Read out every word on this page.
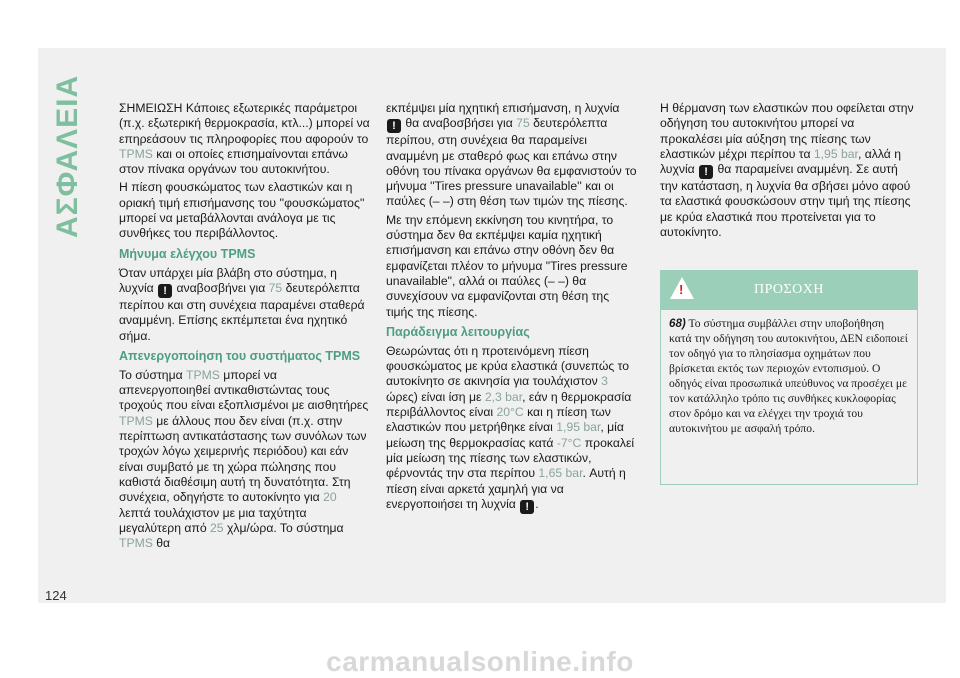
ΑΣΦΑΛΕΙΑ	ΣΗΜΕΙΩΣΗ Κάποιες εξωτερικές παράμετροι (π.χ. εξωτερική θερμοκρασία, κτλ...) μπορεί να επηρεάσουν τις πληροφορίες που αφορούν το TPMS και οι οποίες επισημαίνονται επάνω στον πίνακα οργάνων του αυτοκινήτου.

Η πίεση φουσκώματος των ελαστικών και η οριακή τιμή επισήμανσης του ''φουσκώματος'' μπορεί να μεταβάλλονται ανάλογα με τις συνθήκες του περιβάλλοντος.

Μήνυμα ελέγχου TPMS

Όταν υπάρχει μία βλάβη στο σύστημα, η λυχνία ! αναβοσβήνει για 75 δευτερόλεπτα περίπου και στη συνέχεια παραμένει σταθερά αναμμένη. Επίσης εκπέμπεται ένα ηχητικό σήμα.

Απενεργοποίηση του συστήματος TPMS

Το σύστημα TPMS μπορεί να απενεργοποιηθεί αντικαθιστώντας τους τροχούς που είναι εξοπλισμένοι με αισθητήρες TPMS με άλλους που δεν είναι (π.χ. στην περίπτωση αντικατάστασης των συνόλων των τροχών λόγω χειμερινής περιόδου) και εάν είναι συμβατό με τη χώρα πώλησης που καθιστά διαθέσιμη αυτή τη δυνατότητα. Στη συνέχεια, οδηγήστε το αυτοκίνητο για 20 λεπτά τουλάχιστον με μια ταχύτητα μεγαλύτερη από 25 χλμ/ώρα. Το σύστημα TPMS θα

εκπέμψει μία ηχητική επισήμανση, η λυχνία ! θα αναβοσβήσει για 75 δευτερόλεπτα περίπου, στη συνέχεια θα παραμείνει αναμμένη με σταθερό φως και επάνω στην οθόνη του πίνακα οργάνων θα εμφανιστούν το μήνυμα ''Tires pressure unavailable'' και οι παύλες (– –) στη θέση των τιμών της πίεσης.

Με την επόμενη εκκίνηση του κινητήρα, το σύστημα δεν θα εκπέμψει καμία ηχητική επισήμανση και επάνω στην οθόνη δεν θα εμφανίζεται πλέον το μήνυμα "Tires pressure unavailable", αλλά οι παύλες (– –) θα συνεχίσουν να εμφανίζονται στη θέση της τιμής της πίεσης.

Παράδειγμα λειτουργίας

Θεωρώντας ότι η προτεινόμενη πίεση φουσκώματος με κρύα ελαστικά (συνεπώς το αυτοκίνητο σε ακινησία για τουλάχιστον 3 ώρες) είναι ίση με 2,3 bar, εάν η θερμοκρασία περιβάλλοντος είναι 20°C και η πίεση των ελαστικών που μετρήθηκε είναι 1,95 bar, μία μείωση της θερμοκρασίας κατά -7°C προκαλεί μία μείωση της πίεσης των ελαστικών, φέρνοντάς την στα περίπου 1,65 bar. Αυτή η πίεση είναι αρκετά χαμηλή για να ενεργοποιήσει τη λυχνία ! .

Η θέρμανση των ελαστικών που οφείλεται στην οδήγηση του αυτοκινήτου μπορεί να προκαλέσει μία αύξηση της πίεσης των ελαστικών μέχρι περίπου τα 1,95 bar, αλλά η λυχνία ! θα παραμείνει αναμμένη. Σε αυτή την κατάσταση, η λυχνία θα σβήσει μόνο αφού τα ελαστικά φουσκώσουν στην τιμή της πίεσης με κρύα ελαστικά που προτείνεται για το αυτοκίνητο.

!	ΠΡΟΣΟΧΗ
68) Το σύστημα συμβάλλει στην υποβοήθηση κατά την οδήγηση του αυτοκινήτου, ΔΕΝ ειδοποιεί τον οδηγό για το πλησίασμα οχημάτων που βρίσκεται εκτός των περιοχών εντοπισμού. Ο οδηγός είναι προσωπικά υπεύθυνος να προσέχει με τον κατάλληλο τρόπο τις συνθήκες κυκλοφορίας στον δρόμο και να ελέγχει την τροχιά του αυτοκινήτου με ασφαλή τρόπο.
124
carmanualsonline.info
